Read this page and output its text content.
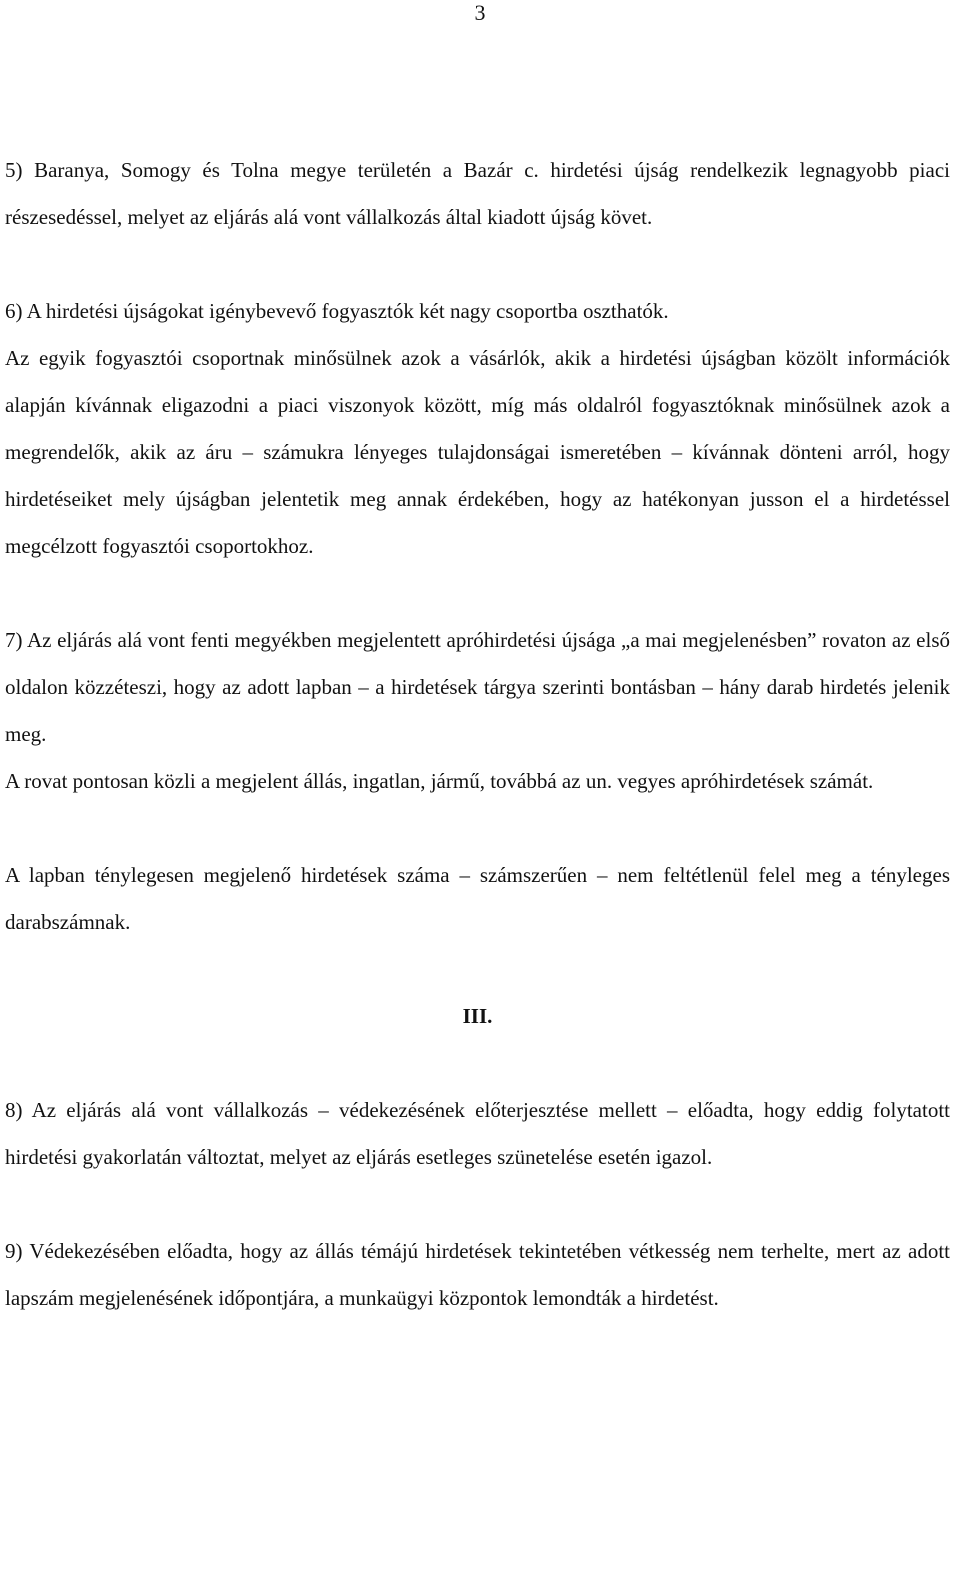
3

5) Baranya, Somogy és Tolna megye területén a Bazár c. hirdetési újság rendelkezik legnagyobb piaci részesedéssel, melyet az eljárás alá vont vállalkozás által kiadott újság követ.

6) A hirdetési újságokat igénybevevő fogyasztók két nagy csoportba oszthatók.

Az egyik fogyasztói csoportnak minősülnek azok a vásárlók, akik a hirdetési újságban közölt információk alapján kívánnak eligazodni a piaci viszonyok között, míg más oldalról fogyasztóknak minősülnek azok a megrendelők, akik az áru – számukra lényeges tulajdonságai ismeretében – kívánnak dönteni arról, hogy hirdetéseiket mely újságban jelentetik meg annak érdekében, hogy az hatékonyan jusson el a hirdetéssel megcélzott fogyasztói csoportokhoz.

7) Az eljárás alá vont fenti megyékben megjelentett apróhirdetési újsága „a mai megjelenésben” rovaton az első oldalon közzéteszi, hogy az adott lapban – a hirdetések tárgya szerinti bontásban – hány darab hirdetés jelenik meg.

A rovat pontosan közli a megjelent állás, ingatlan, jármű, továbbá az un. vegyes apróhirdetések számát.

A lapban ténylegesen megjelenő hirdetések száma – számszerűen – nem feltétlenül felel meg a tényleges darabszámnak.

III.

8) Az eljárás alá vont vállalkozás – védekezésének előterjesztése mellett – előadta, hogy eddig folytatott hirdetési gyakorlatán változtat, melyet az eljárás esetleges szünetelése esetén igazol.

9) Védekezésében előadta, hogy az állás témájú hirdetések tekintetében vétkesség nem terhelte, mert az adott lapszám megjelenésének időpontjára, a munkaügyi központok lemondták a hirdetést.
